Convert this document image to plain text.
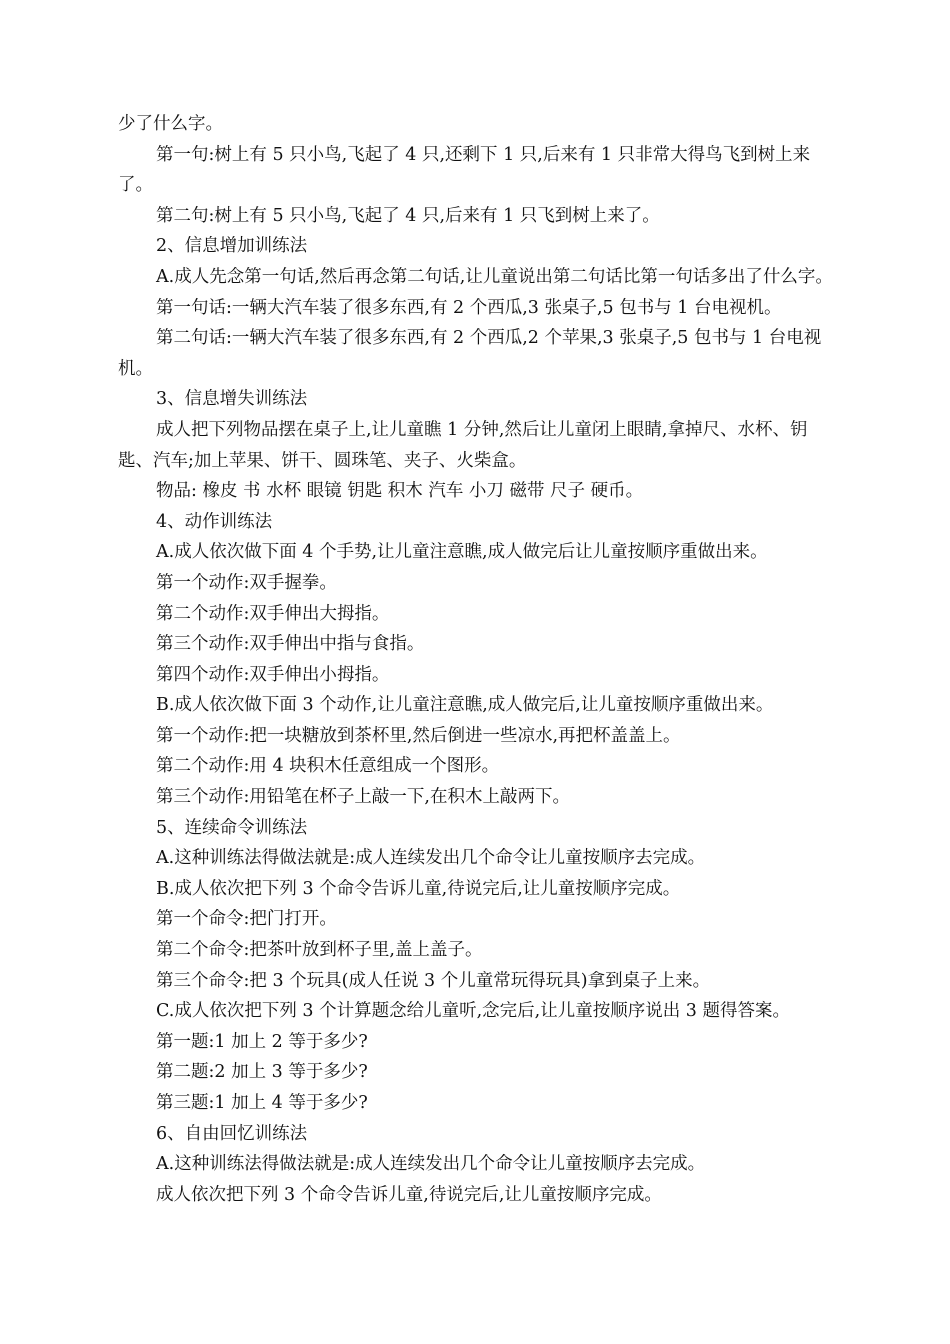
少了什么字。

第一句:树上有 5 只小鸟,飞起了 4 只,还剩下 1 只,后来有 1 只非常大得鸟飞到树上来了。

第二句:树上有 5 只小鸟,飞起了 4 只,后来有 1 只飞到树上来了。

2、信息增加训练法

A.成人先念第一句话,然后再念第二句话,让儿童说出第二句话比第一句话多出了什么字。

第一句话:一辆大汽车装了很多东西,有 2 个西瓜,3 张桌子,5 包书与 1 台电视机。

第二句话:一辆大汽车装了很多东西,有 2 个西瓜,2 个苹果,3 张桌子,5 包书与 1 台电视机。

3、信息增失训练法

成人把下列物品摆在桌子上,让儿童瞧 1 分钟,然后让儿童闭上眼睛,拿掉尺、水杯、钥匙、汽车;加上苹果、饼干、圆珠笔、夹子、火柴盒。

物品: 橡皮 书 水杯 眼镜 钥匙 积木 汽车 小刀 磁带 尺子 硬币。

4、动作训练法

A.成人依次做下面 4 个手势,让儿童注意瞧,成人做完后让儿童按顺序重做出来。

第一个动作:双手握拳。

第二个动作:双手伸出大拇指。

第三个动作:双手伸出中指与食指。

第四个动作:双手伸出小拇指。

B.成人依次做下面 3 个动作,让儿童注意瞧,成人做完后,让儿童按顺序重做出来。

第一个动作:把一块糖放到茶杯里,然后倒进一些凉水,再把杯盖盖上。

第二个动作:用 4 块积木任意组成一个图形。

第三个动作:用铅笔在杯子上敲一下,在积木上敲两下。

5、连续命令训练法

A.这种训练法得做法就是:成人连续发出几个命令让儿童按顺序去完成。

B.成人依次把下列 3 个命令告诉儿童,待说完后,让儿童按顺序完成。

第一个命令:把门打开。

第二个命令:把茶叶放到杯子里,盖上盖子。

第三个命令:把 3 个玩具(成人任说 3 个儿童常玩得玩具)拿到桌子上来。

C.成人依次把下列 3 个计算题念给儿童听,念完后,让儿童按顺序说出 3 题得答案。

第一题:1 加上 2 等于多少?

第二题:2 加上 3 等于多少?

第三题:1 加上 4 等于多少?

6、自由回忆训练法

A.这种训练法得做法就是:成人连续发出几个命令让儿童按顺序去完成。

成人依次把下列 3 个命令告诉儿童,待说完后,让儿童按顺序完成。
